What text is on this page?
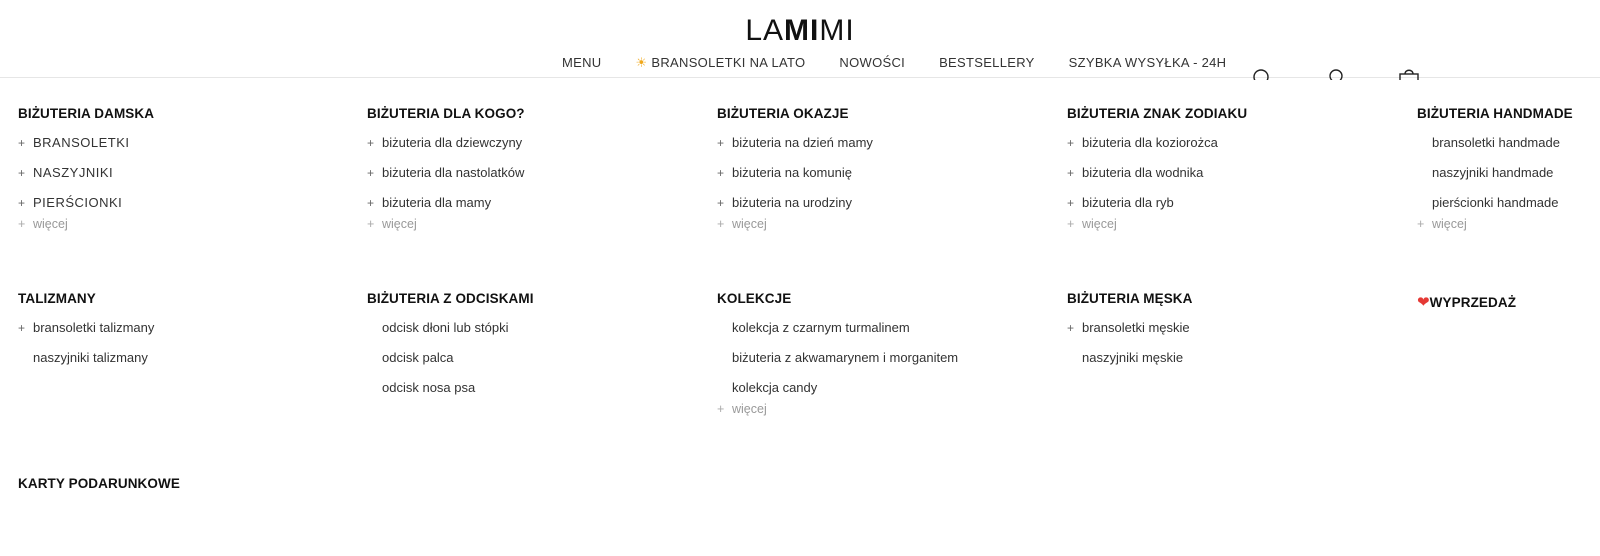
LAMIMI
MENU	☀ BRANSOLETKI NA LATO	NOWOŚCI	BESTSELLERY	SZYBKA WYSYŁKA - 24H
BIŻUTERIA DAMSKA
+ BRANSOLETKI
+ NASZYJNIKI
+ PIERŚCIONKI
+ więcej
BIŻUTERIA DLA KOGO?
+ biżuteria dla dziewczyny
+ biżuteria dla nastolatków
+ biżuteria dla mamy
+ więcej
BIŻUTERIA OKAZJE
+ biżuteria na dzień mamy
+ biżuteria na komunię
+ biżuteria na urodziny
+ więcej
BIŻUTERIA ZNAK ZODIAKU
+ biżuteria dla koziorożca
+ biżuteria dla wodnika
+ biżuteria dla ryb
+ więcej
BIŻUTERIA HANDMADE
bransoletki handmade
naszyjniki handmade
pierścionki handmade
+ więcej
TALIZMANY
+ bransoletki talizmany
naszyjniki talizmany
BIŻUTERIA Z ODCISKAMI
odcisk dłoni lub stópki
odcisk palca
odcisk nosa psa
KOLEKCJE
kolekcja z czarnym turmalinem
biżuteria z akwamarynem i morganitem
kolekcja candy
+ więcej
BIŻUTERIA MĘSKA
+ bransoletki męskie
naszyjniki męskie
❤WYPRZEDAŻ
KARTY PODARUNKOWE
